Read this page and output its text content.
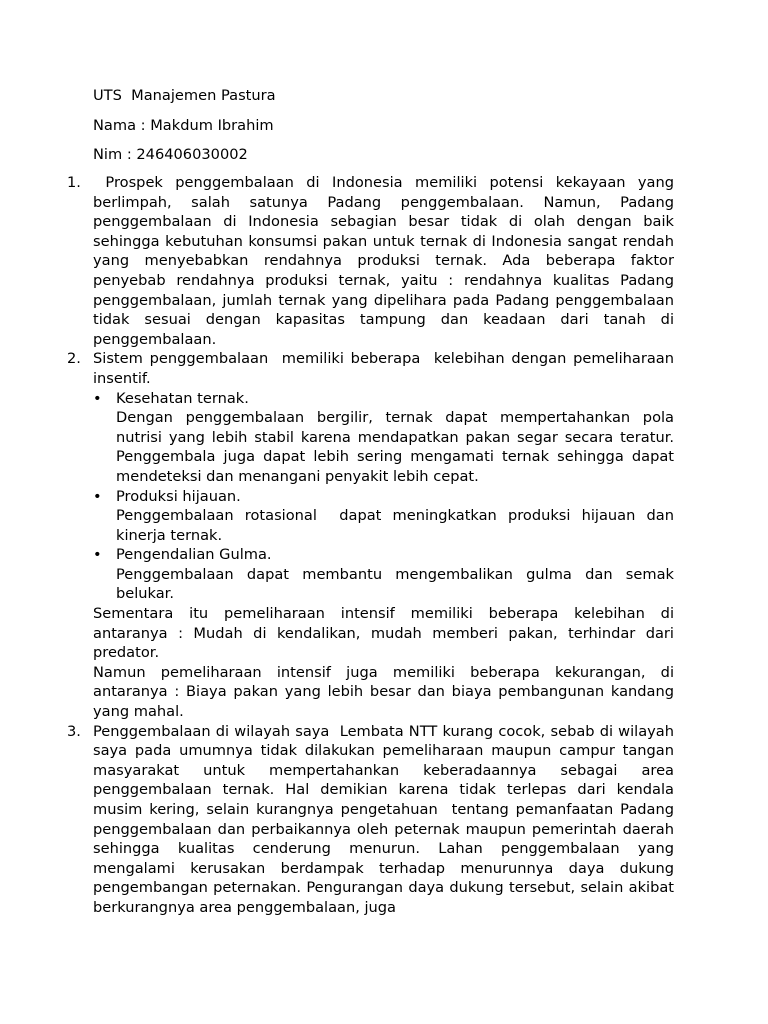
UTS  Manajemen Pastura

Nama : Makdum Ibrahim

Nim : 246406030002

1. Prospek penggembalaan di Indonesia memiliki potensi kekayaan yang berlimpah, salah satunya Padang penggembalaan. Namun, Padang penggembalaan di Indonesia sebagian besar tidak di olah dengan baik sehingga kebutuhan konsumsi pakan untuk ternak di Indonesia sangat rendah yang menyebabkan rendahnya produksi ternak. Ada beberapa faktor penyebab rendahnya produksi ternak, yaitu : rendahnya kualitas Padang penggembalaan, jumlah ternak yang dipelihara pada Padang penggembalaan tidak sesuai dengan kapasitas tampung dan keadaan dari tanah di penggembalaan.

2. Sistem penggembalaan  memiliki beberapa  kelebihan dengan pemeliharaan insentif.

• Kesehatan ternak.

Dengan penggembalaan bergilir, ternak dapat mempertahankan pola nutrisi yang lebih stabil karena mendapatkan pakan segar secara teratur. Penggembala juga dapat lebih sering mengamati ternak sehingga dapat mendeteksi dan menangani penyakit lebih cepat.

• Produksi hijauan.

Penggembalaan rotasional  dapat meningkatkan produksi hijauan dan kinerja ternak.

• Pengendalian Gulma.

Penggembalaan dapat membantu mengembalikan gulma dan semak belukar.

Sementara itu pemeliharaan intensif memiliki beberapa kelebihan di antaranya : Mudah di kendalikan, mudah memberi pakan, terhindar dari predator.

Namun pemeliharaan intensif juga memiliki beberapa kekurangan, di antaranya : Biaya pakan yang lebih besar dan biaya pembangunan kandang yang mahal.

3. Penggembalaan di wilayah saya  Lembata NTT kurang cocok, sebab di wilayah saya pada umumnya tidak dilakukan pemeliharaan maupun campur tangan masyarakat untuk mempertahankan keberadaannya sebagai area penggembalaan ternak. Hal demikian karena tidak terlepas dari kendala musim kering, selain kurangnya pengetahuan  tentang pemanfaatan Padang penggembalaan dan perbaikannya oleh peternak maupun pemerintah daerah sehingga kualitas cenderung menurun. Lahan penggembalaan yang mengalami kerusakan berdampak terhadap menurunnya daya dukung pengembangan peternakan. Pengurangan daya dukung tersebut, selain akibat berkurangnya area penggembalaan, juga
